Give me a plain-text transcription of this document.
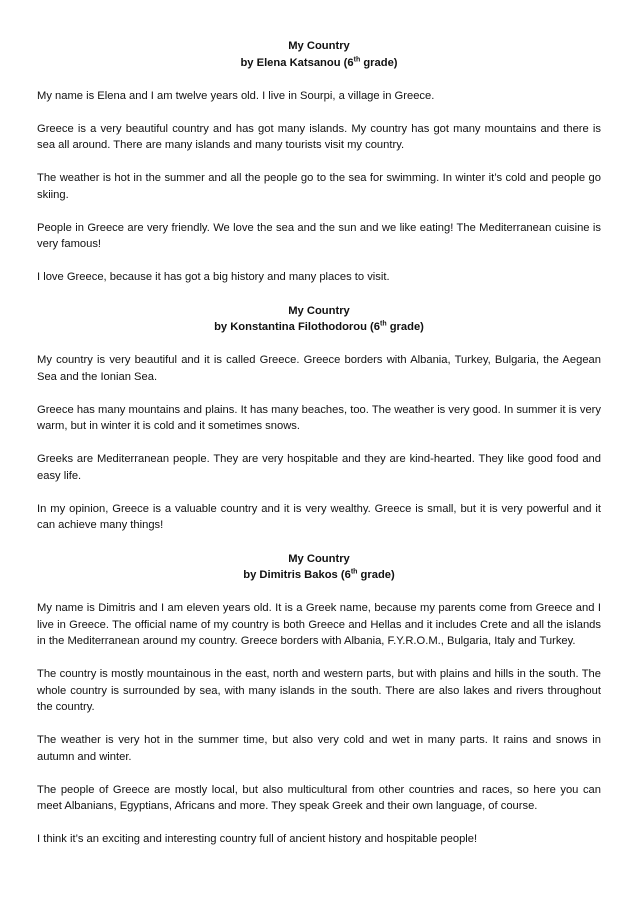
My Country
by Elena Katsanou (6th grade)

My name is Elena and I am twelve years old. I live in Sourpi, a village in Greece.

Greece is a very beautiful country and has got many islands. My country has got many mountains and there is sea all around. There are many islands and many tourists visit my country.

The weather is hot in the summer and all the people go to the sea for swimming. In winter it’s cold and people go skiing.

People in Greece are very friendly. We love the sea and the sun and we like eating! The Mediterranean cuisine is very famous!

I love Greece, because it has got a big history and many places to visit.

My Country
by Konstantina Filothodorou (6th grade)

My country is very beautiful and it is called Greece. Greece borders with Albania, Turkey, Bulgaria, the Aegean Sea and the Ionian Sea.

Greece has many mountains and plains. It has many beaches, too. The weather is very good. In summer it is very warm, but in winter it is cold and it sometimes snows.

Greeks are Mediterranean people. They are very hospitable and they are kind-hearted. They like good food and easy life.

In my opinion, Greece is a valuable country and it is very wealthy. Greece is small, but it is very powerful and it can achieve many things!

My Country
by Dimitris Bakos (6th grade)

My name is Dimitris and I am eleven years old. It is a Greek name, because my parents come from Greece and I live in Greece. The official name of my country is both Greece and Hellas and it includes Crete and all the islands in the Mediterranean around my country. Greece borders with Albania, F.Y.R.O.M., Bulgaria, Italy and Turkey.

The country is mostly mountainous in the east, north and western parts, but with plains and hills in the south. The whole country is surrounded by sea, with many islands in the south. There are also lakes and rivers throughout the country.

The weather is very hot in the summer time, but also very cold and wet in many parts. It rains and snows in autumn and winter.

The people of Greece are mostly local, but also multicultural from other countries and races, so here you can meet Albanians, Egyptians, Africans and more. They speak Greek and their own language, of course.

I think it’s an exciting and interesting country full of ancient history and hospitable people!
